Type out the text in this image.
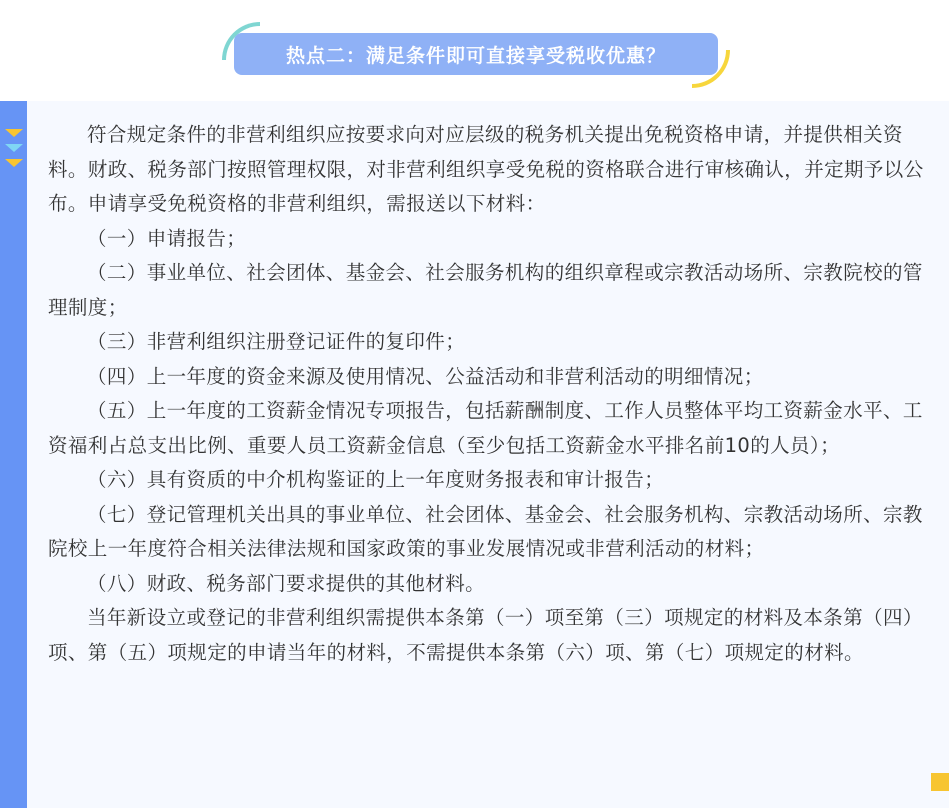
热点二：满足条件即可直接享受税收优惠？

符合规定条件的非营利组织应按要求向对应层级的税务机关提出免税资格申请，并提供相关资料。财政、税务部门按照管理权限，对非营利组织享受免税的资格联合进行审核确认，并定期予以公布。申请享受免税资格的非营利组织，需报送以下材料：

（一）申请报告；

（二）事业单位、社会团体、基金会、社会服务机构的组织章程或宗教活动场所、宗教院校的管理制度；

（三）非营利组织注册登记证件的复印件；

（四）上一年度的资金来源及使用情况、公益活动和非营利活动的明细情况；

（五）上一年度的工资薪金情况专项报告，包括薪酬制度、工作人员整体平均工资薪金水平、工资福利占总支出比例、重要人员工资薪金信息（至少包括工资薪金水平排名前10的人员）；

（六）具有资质的中介机构鉴证的上一年度财务报表和审计报告；

（七）登记管理机关出具的事业单位、社会团体、基金会、社会服务机构、宗教活动场所、宗教院校上一年度符合相关法律法规和国家政策的事业发展情况或非营利活动的材料；

（八）财政、税务部门要求提供的其他材料。

当年新设立或登记的非营利组织需提供本条第（一）项至第（三）项规定的材料及本条第（四）项、第（五）项规定的申请当年的材料，不需提供本条第（六）项、第（七）项规定的材料。
